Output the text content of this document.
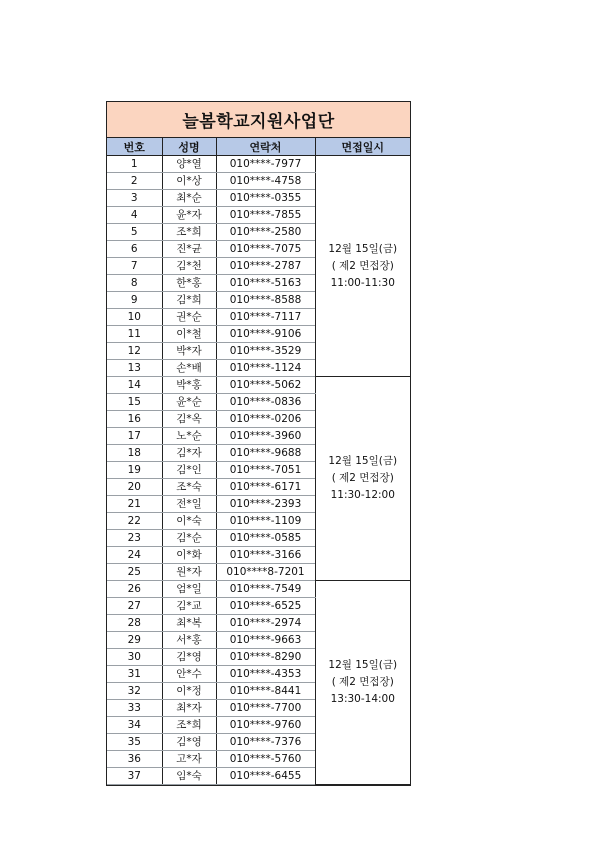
늘봄학교지원사업단
번호	성명	연락처	면접일시
1	양*열	010****-7977	12월 15일(금)
( 제2 면접장)
11:00-11:30

2	이*상	010****-4758	
3	최*순	010****-0355	
4	윤*자	010****-7855	
5	조*희	010****-2580	
6	진*균	010****-7075	
7	김*천	010****-2787	
8	한*홍	010****-5163	
9	김*희	010****-8588	
10	권*순	010****-7117	
11	이*철	010****-9106	
12	박*자	010****-3529	
13	손*배	010****-1124	
14	박*홍	010****-5062	12월 15일(금)
( 제2 면접장)
11:30-12:00

15	윤*순	010****-0836	
16	김*옥	010****-0206	
17	노*순	010****-3960	
18	김*자	010****-9688	
19	김*인	010****-7051	
20	조*숙	010****-6171	
21	전*일	010****-2393	
22	이*숙	010****-1109	
23	김*순	010****-0585	
24	이*화	010****-3166	
25	원*자	010****8-7201	
26	엄*일	010****-7549	12월 15일(금)
( 제2 면접장)
13:30-14:00

27	김*교	010****-6525	
28	최*복	010****-2974	
29	서*홍	010****-9663	
30	김*영	010****-8290	
31	안*수	010****-4353	
32	이*정	010****-8441	
33	최*자	010****-7700	
34	조*희	010****-9760	
35	김*영	010****-7376	
36	고*자	010****-5760	
37	임*숙	010****-6455	
